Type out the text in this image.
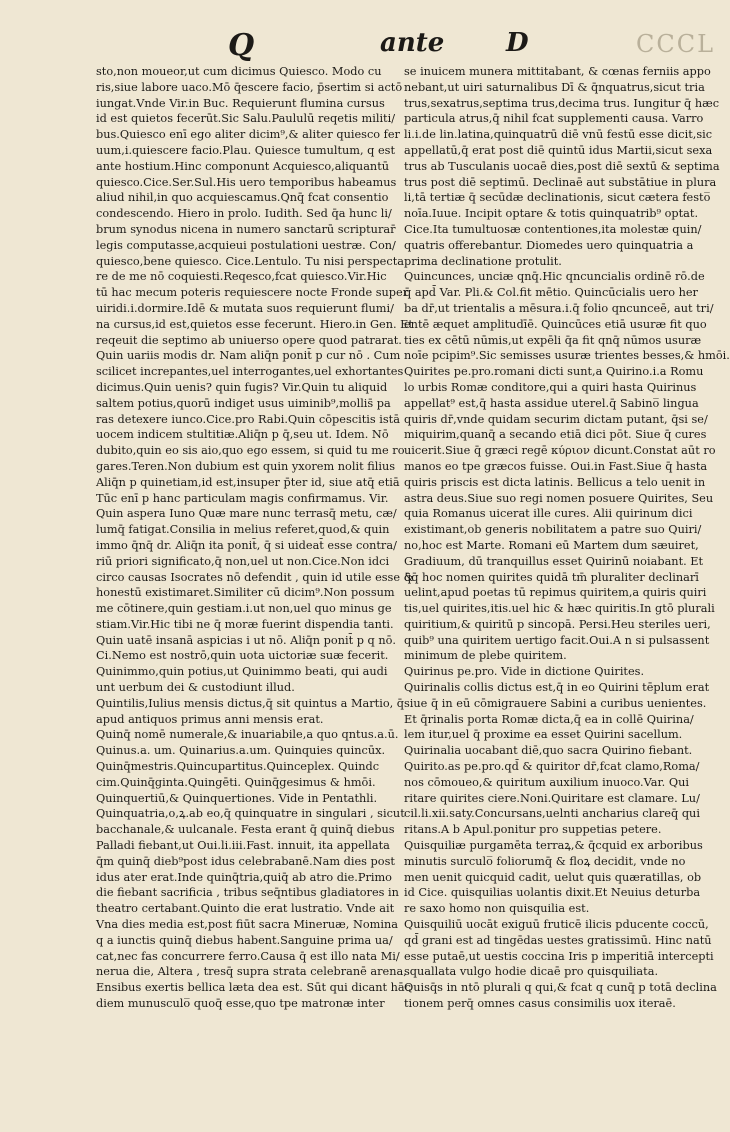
Q	ante D	CCCL
sto,non moueor,ut cum dicimus Quiesco. Modo cu
ris,siue labore uaco.Mō q̄escere facio, p̄sertim si actō
iungat.Vnde Vir.in Buc. Requierunt flumina cursus
id est quietos fecerūt.Sic Salu.Paululū reqetis militi/
bus.Quiesco enī ego aliter dicim⁹,& aliter quiesco fer
uum,i.quiescere facio.Plau. Quiesce tumultum, q est
ante hostium.Hinc componunt Acquiesco,aliquantū
quiesco.Cice.Ser.Sul.His uero temporibus habeamus
aliud nihil,in quo acquiescamus.Qnq̄ fcat consentio
condescendo. Hiero in prolo. Iudith. Sed q̄a hunc li/
brum synodus nicena in numero sanctarū scripturar̄
legis computasse,acquieui postulationi uestræ. Con/
quiesco,bene quiesco. Cice.Lentulo. Tu nisi perspecta
re de me nō coquiesti.Reqesco,fcat quiesco.Vir.Hic
tū hac mecum poteris requiescere nocte Fronde super
uiridi.i.dormire.Idē & mutata suos requierunt flumi/
na cursus,id est,quietos esse fecerunt. Hiero.in Gen. Et
reqeuit die septimo ab uniuerso opere quod patrarat.
Quin uariis modis dr. Nam aliq̄n ponit̄ p cur nō . Cum
scilicet increpantes,uel interrogantes,uel exhortantes
dicimus.Quin uenis? quin fugis? Vir.Quin tu aliquid
saltem potius,quorū indiget usus uiminib⁹,mollis̄ pa
ras detexere iunco.Cice.pro Rabi.Quin cōpescitis istā
uocem indicem stultitiæ.Aliq̄n p q̄,seu ut. Idem. Nō
dubito,quin eo sis aio,quo ego essem, si quid tu me ro
gares.Teren.Non dubium est quin yxorem nolit filius
Aliq̄n p quinetiam,id est,insuper p̄ter id, siue atq̄ etiā
Tūc enī p hanc particulam magis confirmamus. Vir.
Quin aspera Iuno Quæ mare nunc terrasq̄ metu, cæ/
lumq̄ fatigat.Consilia in melius referet,quod,& quin
immo q̄nq̄ dr. Aliq̄n ita ponit̄, q̄ si uideat̄ esse contra/
riū priori significato,q̄ non,uel ut non.Cice.Non idci
circo causas Isocrates nō defendit , quin id utile esse &
honestū existimaret.Similiter cū dicim⁹.Non possum
me cōtinere,quin gestiam.i.ut non,uel quo minus ge
stiam.Vir.Hic tibi ne q̄ moræ fuerint dispendia tanti.
Quin uatē insanā aspicias i ut nō. Aliq̄n ponit̄ p q nō.
Ci.Nemo est nostrō,quin uota uictoriæ suæ fecerit.
Quinimmo,quin potius,ut Quinimmo beati, qui audi
unt uerbum dei & custodiunt illud.
Quintilis,Iulius mensis dictus,q̄ sit quintus a Martio, q̄
apud antiquos primus anni mensis erat.
Quinq̄ nomē numerale,& inuariabile,a quo qntus.a.ū.
Quinus.a. um. Quinarius.a.um. Quinquies quincūx.
Quinq̄mestris.Quincupartitus.Quinceplex. Quindc
cim.Quinq̄ginta.Quingēti. Quinq̄gesimus & hmōi.
Quinquertiū,& Quinquertiones. Vide in Pentathli.
Quinquatria,o,ꝝ.ab eo,q̄ quinquatre in singulari , sicut
bacchanale,& uulcanale. Festa erant q̄ quinq̄ diebus
Palladi fiebant,ut Oui.li.iii.Fast. innuit, ita appellata
q̄m quinq̄ dieb⁹post idus celebrabanē.Nam dies post
idus ater erat.Inde quinq̄tria,quiq̄ ab atro die.Primo
die fiebant sacrificia , tribus seq̄ntibus gladiatores in
theatro certabant.Quinto die erat lustratio. Vnde ait
Vna dies media est,post fiūt sacra Mineruæ, Nomina
q a iunctis quinq̄ diebus habent.Sanguine prima ua/
cat,nec fas concurrere ferro.Causa q̄ est illo nata Mi/
nerua die, Altera , tresq̄ supra strata celebranē arena,
Ensibus exertis bellica læta dea est. Sūt qui dicant hāc
diem munusculo̅ quoq̄ esse,quo tpe matronæ inter
se inuicem munera mittitabant, & cœnas ferniis appo
nebant,ut uiri saturnalibus Dī & q̄nquatrus,sicut tria
trus,sexatrus,septima trus,decima trus. Iungitur q̄ hæc
particula atrus,q̄ nihil fcat supplementi causa. Varro
li.i.de lin.latina,quinquatrū diē vnū festū esse dicit,sic
appellatū,q̄ erat post diē quintū idus Martii,sicut sexa
trus ab Tusculanis uocaē dies,post diē sextū & septima
trus post diē septimū. Declinaē aut substātiue in plura
li,tā tertiæ q̄ secūdæ declinationis, sicut cætera festo̅
noīa.Iuue. Incipit optare & totis quinquatrib⁹ optat.
Cice.Ita tumultuosæ contentiones,ita molestæ quin/
quatris offerebantur. Diomedes uero quinquatria a
prima declinatione protulit.
Quincunces, unciæ qnq̄.Hic qncuncialis ordinē rō.de
q̄ apd̄ Var. Pli.& Col.fit mētio. Quincūcialis uero her
ba dr̄,ut trientalis a mēsura.i.q̄ folio qncunceē, aut tri/
entē æquet amplitudīē. Quincūces etiā usuræ fit quo
ties ex cētū nūmis,ut expēli q̄a fit qnq̄ nūmos usuræ
noīe pcipim⁹.Sic semisses usuræ trientes besses,& hmōi.
Quirites pe.pro.romani dicti sunt,a Quirino.i.a Romu
lo urbis Romæ conditore,qui a quiri hasta Quirinus
appellat⁹ est,q̄ hasta assidue uterel.q̄ Sabino̅ lingua
quiris dr̄,vnde quidam securim dictam putant, q̄si se/
miquirim,quanq̄ a secando etiā dici pōt. Siue q̄ cures
uicerit.Siue q̄ græci regē κύριον dicunt.Constat aūt ro
manos eo tpe græcos fuisse. Oui.in Fast.Siue q̄ hasta
quiris priscis est dicta latinis. Bellicus a telo uenit in
astra deus.Siue suo regi nomen posuere Quirites, Seu
quia Romanus uicerat ille cures. Alii quirinum dici
existimant,ob generis nobilitatem a patre suo Quiri/
no,hoc est Marte. Romani eū Martem dum sæuiret,
Gradiuum, dū tranquillus esset Quirinū noiabant. Et
q̄q̄ hoc nomen quirites quidā tm̄ pluraliter declinarī
uelint,apud poetas tū repimus quiritem,a quiris quiri
tis,uel quirites,itis.uel hic & hæc quiritis.In gtō plurali
quiritium,& quiritū p sincopā. Persi.Heu steriles ueri,
quib⁹ una quiritem uertigo facit.Oui.A n si pulsassent
minimum de plebe quiritem.
Quirinus pe.pro. Vide in dictione Quirites.
Quirinalis collis dictus est,q̄ in eo Quirini tēplum erat
siue q̄ in eū cōmigrauere Sabini a curibus uenientes.
Et q̄rinalis porta Romæ dicta,q̄ ea in collē Quirina/
lem itur,uel q̄ proxime ea esset Quirini sacellum.
Quirinalia uocabant diē,quo sacra Quirino fiebant.
Quirito.as pe.pro.qd̄ & quiritor dr̄,fcat clamo,Roma/
nos cōmoueo,& quiritum auxilium inuoco.Var. Qui
ritare quirites ciere.Noni.Quiritare est clamare. Lu/
cil.li.xii.saty.Concursans,uelnti ancharius clareq̄ qui
ritans.A b Apul.ponitur pro suppetias petere.
Quisquiliæ purgamēta terraꝝ,& q̄cquid ex arboribus
minutis surculo̅ foliorumq̄ & floꝝ decidit, vnde no
men uenit quicquid cadit, uelut quis quæratillas, ob
id Cice. quisquilias uolantis dixit.Et Neuius deturba
re saxo homo non quisquilia est.
Quisquiliū uocāt exiguū fruticē ilicis pducente coccū,
qd̄ grani est ad tingēdas uestes gratissimū. Hinc natū
esse putaē,ut uestis coccina Iris p imperitiā intercepti
squallata vulgo hodie dicaē pro quisquiliata.
Quisq̄s in ntō plurali q qui,& fcat q cunq̄ p totā declina
tionem perq̄ omnes casus consimilis uox iteraē.
